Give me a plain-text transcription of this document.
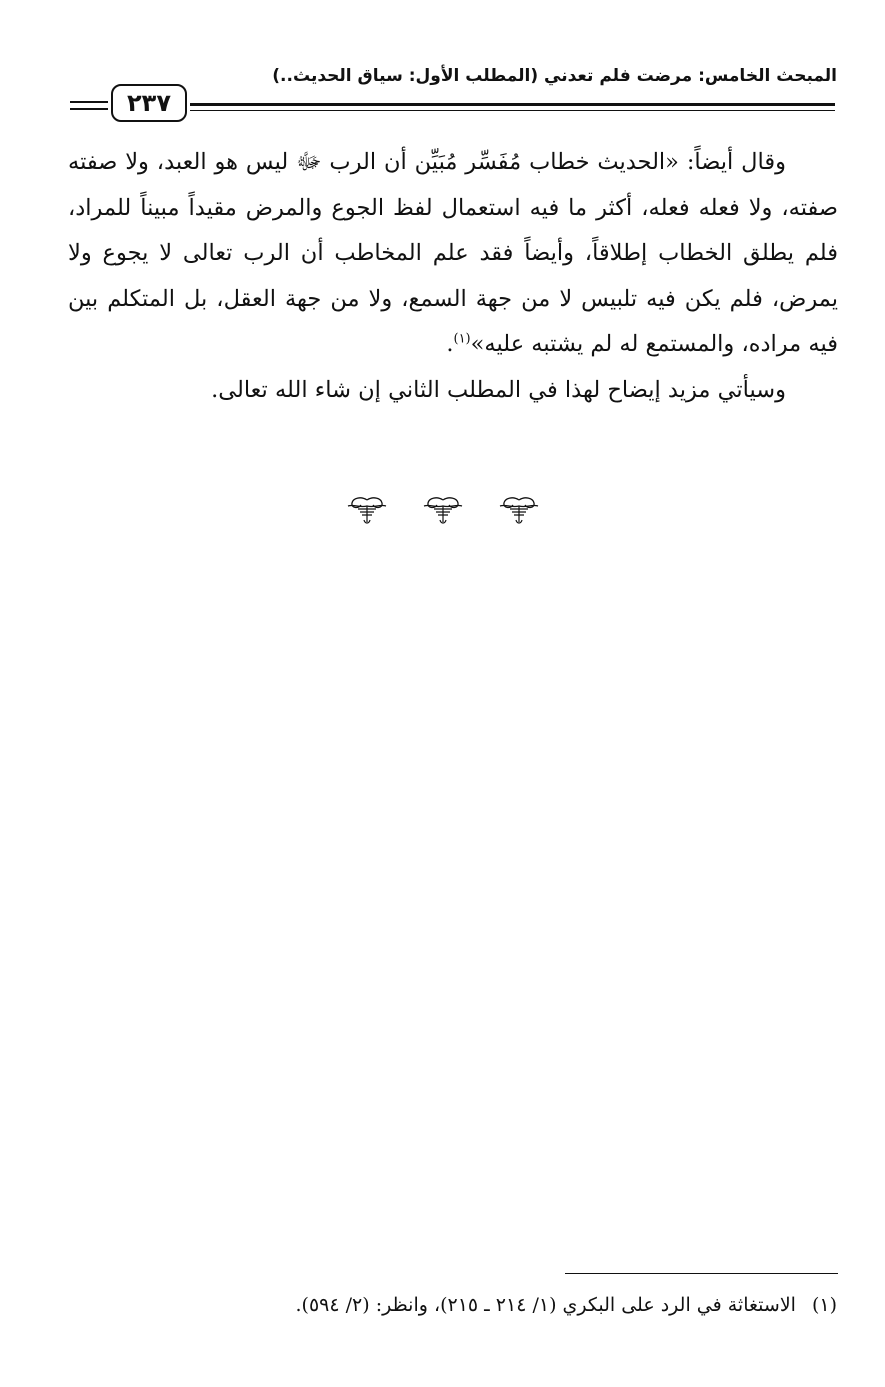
المبحث الخامس: مرضت فلم تعدني (المطلب الأول: سياق الحديث..)
٢٣٧

وقال أيضاً: «الحديث خطاب مُفَسِّر مُبَيِّن أن الرب ﷻ ليس هو العبد، ولا صفته صفته، ولا فعله فعله، أكثر ما فيه استعمال لفظ الجوع والمرض مقيداً مبيناً للمراد، فلم يطلق الخطاب إطلاقاً، وأيضاً فقد علم المخاطب أن الرب تعالى لا يجوع ولا يمرض، فلم يكن فيه تلبيس لا من جهة السمع، ولا من جهة العقل، بل المتكلم بين فيه مراده، والمستمع له لم يشتبه عليه»$^{(١)}$.

وسيأتي مزيد إيضاح لهذا في المطلب الثاني إن شاء الله تعالى.

(١)الاستغاثة في الرد على البكري (١/ ٢١٤ ـ ٢١٥)، وانظر: (٢/ ٥٩٤).
